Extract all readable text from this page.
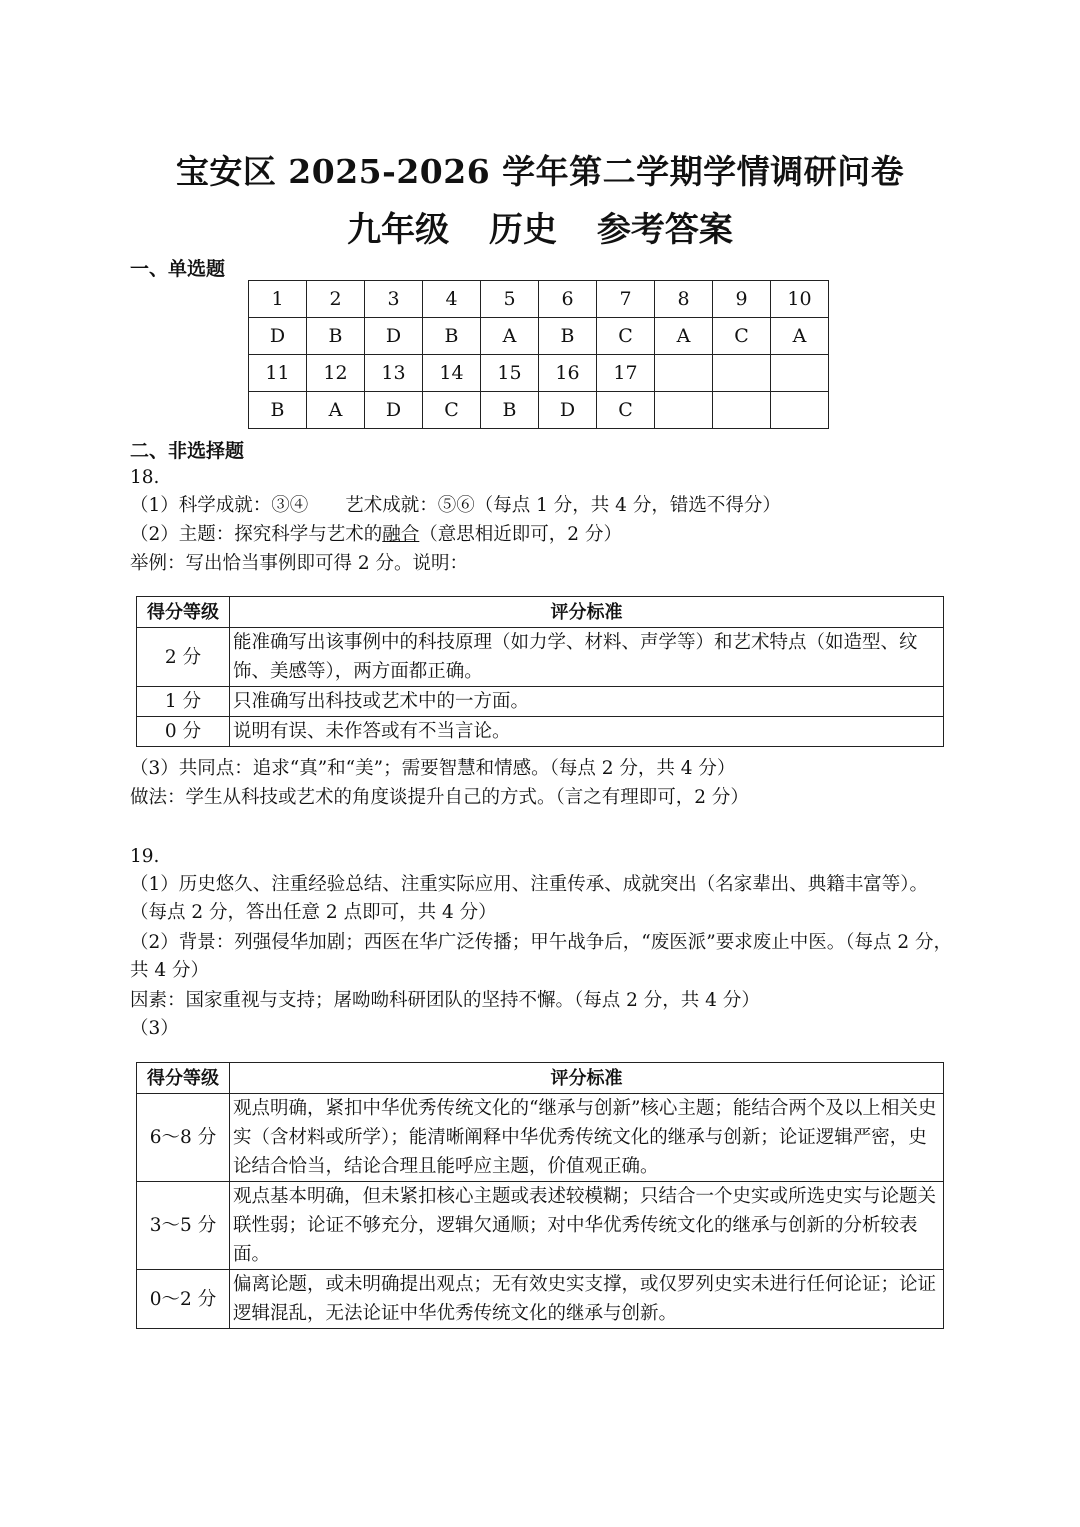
宝安区 2025-2026 学年第二学期学情调研问卷
九年级 历史 参考答案
一、单选题
1	2	3	4	5	6	7	8	9	10
D	B	D	B	A	B	C	A	C	A
11	12	13	14	15	16	17			
B	A	D	C	B	D	C			
二、非选择题
18.
（1）科学成就：③④　　艺术成就：⑤⑥（每点 1 分，共 4 分，错选不得分）
（2）主题：探究科学与艺术的融合（意思相近即可，2 分）
举例：写出恰当事例即可得 2 分。说明：
得分等级	评分标准
2 分	能准确写出该事例中的科技原理（如力学、材料、声学等）和艺术特点（如造型、纹饰、美感等），两方面都正确。
1 分	只准确写出科技或艺术中的一方面。
0 分	说明有误、未作答或有不当言论。
（3）共同点：追求“真”和“美”；需要智慧和情感。（每点 2 分，共 4 分）
做法：学生从科技或艺术的角度谈提升自己的方式。（言之有理即可，2 分）
19.
（1）历史悠久、注重经验总结、注重实际应用、注重传承、成就突出（名家辈出、典籍丰富等）。（每点 2 分，答出任意 2 点即可，共 4 分）
（2）背景：列强侵华加剧；西医在华广泛传播；甲午战争后，“废医派”要求废止中医。（每点 2 分，共 4 分）
因素：国家重视与支持；屠呦呦科研团队的坚持不懈。（每点 2 分，共 4 分）
（3）
得分等级	评分标准
6～8 分	观点明确，紧扣中华优秀传统文化的“继承与创新”核心主题；能结合两个及以上相关史实（含材料或所学）；能清晰阐释中华优秀传统文化的继承与创新；论证逻辑严密，史论结合恰当，结论合理且能呼应主题，价值观正确。
3～5 分	观点基本明确，但未紧扣核心主题或表述较模糊；只结合一个史实或所选史实与论题关联性弱；论证不够充分，逻辑欠通顺；对中华优秀传统文化的继承与创新的分析较表面。
0～2 分	偏离论题，或未明确提出观点；无有效史实支撑，或仅罗列史实未进行任何论证；论证逻辑混乱，无法论证中华优秀传统文化的继承与创新。
